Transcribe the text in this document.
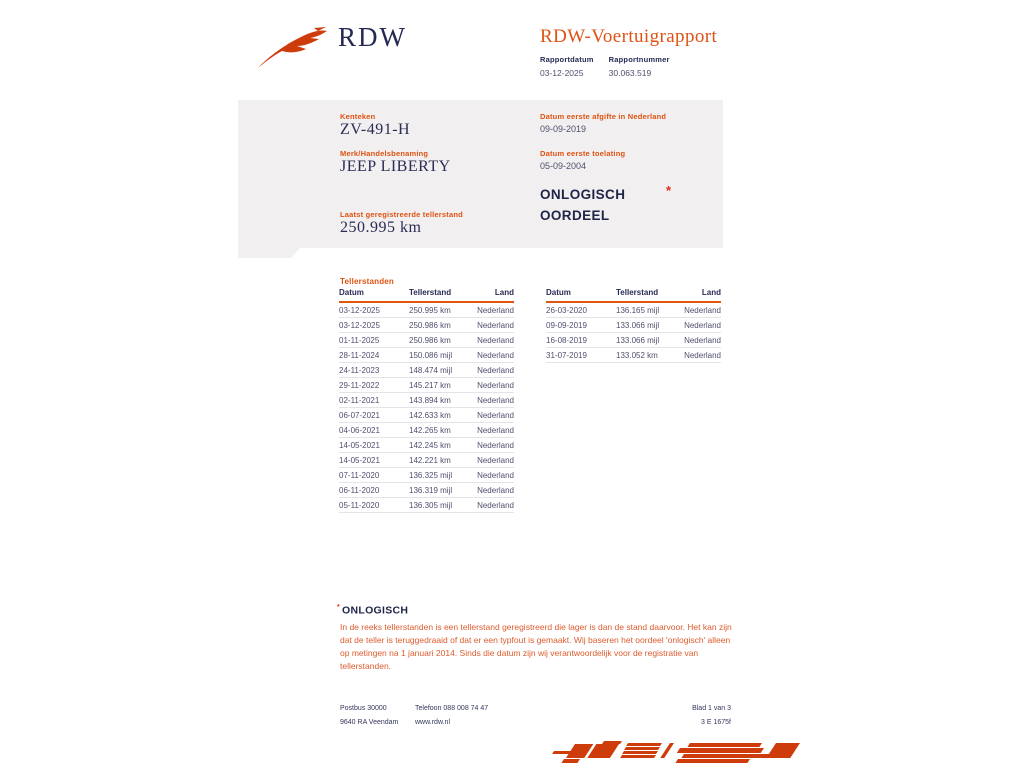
RDW	RDW-Voertuigrapport
Rapportdatum
03-12-2025
Rapportnummer
30.063.519
Kenteken
ZV-491-H
Merk/Handelsbenaming
JEEP LIBERTY
Laatst geregistreerde tellerstand
250.995 km
Datum eerste afgifte in Nederland
09-09-2019
Datum eerste toelating
05-09-2004
ONLOGISCH
OORDEEL
*
Tellerstanden
Datum	Tellerstand	Land
03-12-2025	250.995 km	Nederland
03-12-2025	250.986 km	Nederland
01-11-2025	250.986 km	Nederland
28-11-2024	150.086 mijl	Nederland
24-11-2023	148.474 mijl	Nederland
29-11-2022	145.217 km	Nederland
02-11-2021	143.894 km	Nederland
06-07-2021	142.633 km	Nederland
04-06-2021	142.265 km	Nederland
14-05-2021	142.245 km	Nederland
14-05-2021	142.221 km	Nederland
07-11-2020	136.325 mijl	Nederland
06-11-2020	136.319 mijl	Nederland
05-11-2020	136.305 mijl	Nederland
Datum	Tellerstand	Land
26-03-2020	136.165 mijl	Nederland
09-09-2019	133.066 mijl	Nederland
16-08-2019	133.066 mijl	Nederland
31-07-2019	133.052 km	Nederland
* ONLOGISCH
In de reeks tellerstanden is een tellerstand geregistreerd die lager is dan de stand daarvoor. Het kan zijn dat de teller is teruggedraaid of dat er een typfout is gemaakt. Wij baseren het oordeel 'onlogisch' alleen op metingen na 1 januari 2014. Sinds die datum zijn wij verantwoordelijk voor de registratie van tellerstanden.
Postbus 30000
9640 RA Veendam
Telefoon 088 008 74 47
www.rdw.nl
Blad 1 van 3
3 E 1675f
